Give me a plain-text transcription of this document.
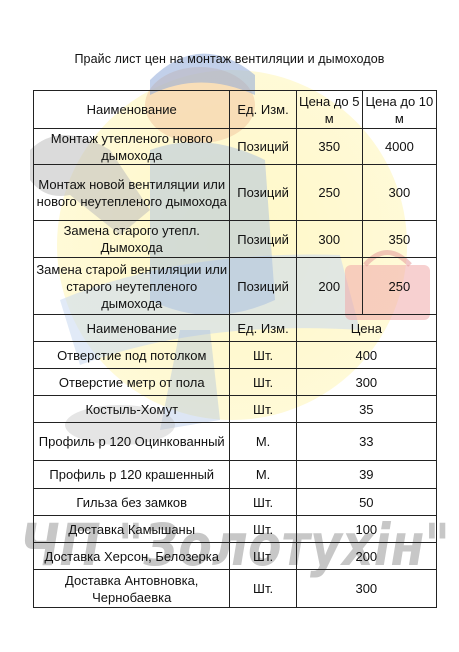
ЧП "Золотухін"
Прайс лист цен на монтаж вентиляции и дымоходов
Наименование	Ед. Изм.	Цена до 5 м	Цена до 10 м
Монтаж утепленого нового дымохода	Позиций	350	4000
Монтаж новой вентиляции или нового неутепленого дымохода	Позиций	250	300
Замена старого утепл. Дымохода	Позиций	300	350
Замена старой вентиляции или старого неутепленого дымохода	Позиций	200	250
Наименование	Ед. Изм.	Цена	
Отверстие под потолком	Шт.	400	
Отверстие метр от пола	Шт.	300	
Костыль-Хомут	Шт.	35	
Профиль р 120 Оцинкованный	М.	33	
Профиль р 120 крашенный	М.	39	
Гильза без замков	Шт.	50	
Доставка Камышаны	Шт.	100	
Доставка Херсон, Белозерка	Шт.	200	
Доставка Антовновка, Чернобаевка	Шт.	300	
